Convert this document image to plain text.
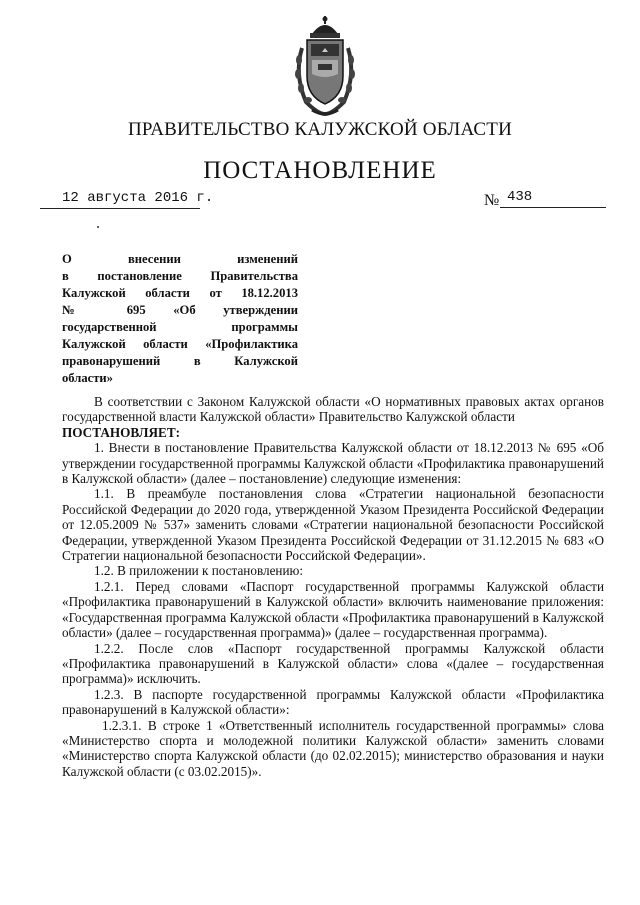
ПРАВИТЕЛЬСТВО КАЛУЖСКОЙ ОБЛАСТИ
ПОСТАНОВЛЕНИЕ
12 августа 2016 г.	№ 438
О внесении изменений
в постановление Правительства
Калужской области от 18.12.2013
№ 695 «Об утверждении
государственной программы
Калужской области «Профилактика
правонарушений в Калужской
области»

В соответствии с Законом Калужской области «О нормативных правовых актах органов государственной власти Калужской области» Правительство Калужской области

ПОСТАНОВЛЯЕТ:

1. Внести в постановление Правительства Калужской области от 18.12.2013 № 695 «Об утверждении государственной программы Калужской области «Профилактика правонарушений в Калужской области» (далее – постановление) следующие изменения:

1.1. В преамбуле постановления слова «Стратегии национальной безопасности Российской Федерации до 2020 года, утвержденной Указом Президента Российской Федерации от 12.05.2009 № 537» заменить словами «Стратегии национальной безопасности Российской Федерации, утвержденной Указом Президента Российской Федерации от 31.12.2015 № 683 «О Стратегии национальной безопасности Российской Федерации».

1.2. В приложении к постановлению:

1.2.1. Перед словами «Паспорт государственной программы Калужской области «Профилактика правонарушений в Калужской области» включить наименование приложения: «Государственная программа Калужской области «Профилактика правонарушений в Калужской области» (далее – государственная программа)» (далее – государственная программа).

1.2.2. После слов «Паспорт государственной программы Калужской области «Профилактика правонарушений в Калужской области» слова «(далее – государственная программа)» исключить.

1.2.3. В паспорте государственной программы Калужской области «Профилактика правонарушений в Калужской области»:

1.2.3.1. В строке 1 «Ответственный исполнитель государственной программы» слова «Министерство спорта и молодежной политики Калужской области» заменить словами «Министерство спорта Калужской области (до 02.02.2015); министерство образования и науки Калужской области (с 03.02.2015)».
